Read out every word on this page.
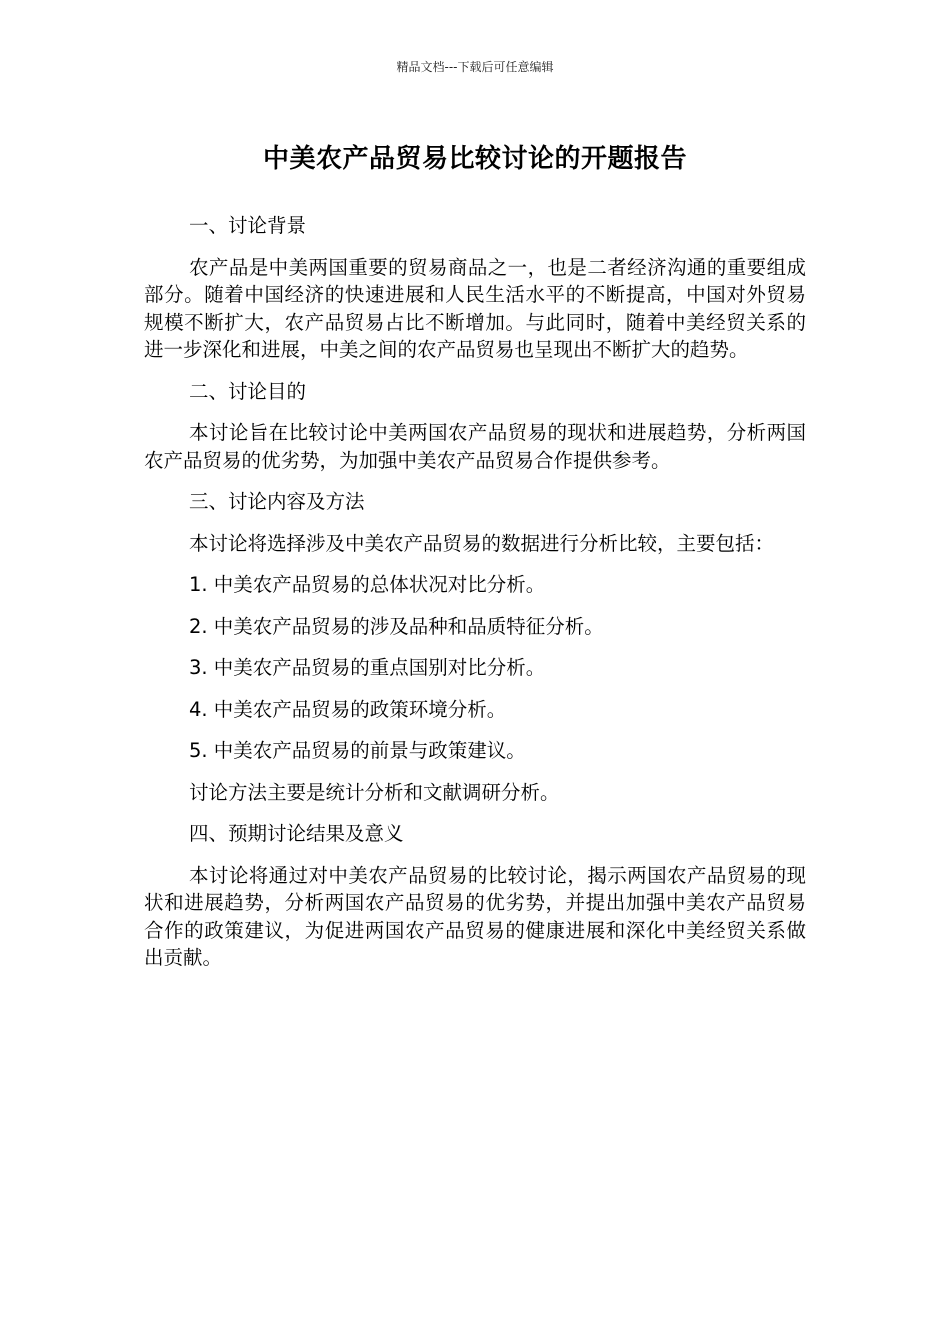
精品文档---下载后可任意编辑
中美农产品贸易比较讨论的开题报告

一、讨论背景

农产品是中美两国重要的贸易商品之一，也是二者经济沟通的重要组成部分。随着中国经济的快速进展和人民生活水平的不断提高，中国对外贸易规模不断扩大，农产品贸易占比不断增加。与此同时，随着中美经贸关系的进一步深化和进展，中美之间的农产品贸易也呈现出不断扩大的趋势。

二、讨论目的

本讨论旨在比较讨论中美两国农产品贸易的现状和进展趋势，分析两国农产品贸易的优劣势，为加强中美农产品贸易合作提供参考。

三、讨论内容及方法

本讨论将选择涉及中美农产品贸易的数据进行分析比较，主要包括：

1. 中美农产品贸易的总体状况对比分析。
2. 中美农产品贸易的涉及品种和品质特征分析。
3. 中美农产品贸易的重点国别对比分析。
4. 中美农产品贸易的政策环境分析。
5. 中美农产品贸易的前景与政策建议。

讨论方法主要是统计分析和文献调研分析。

四、预期讨论结果及意义

本讨论将通过对中美农产品贸易的比较讨论，揭示两国农产品贸易的现状和进展趋势，分析两国农产品贸易的优劣势，并提出加强中美农产品贸易合作的政策建议，为促进两国农产品贸易的健康进展和深化中美经贸关系做出贡献。
